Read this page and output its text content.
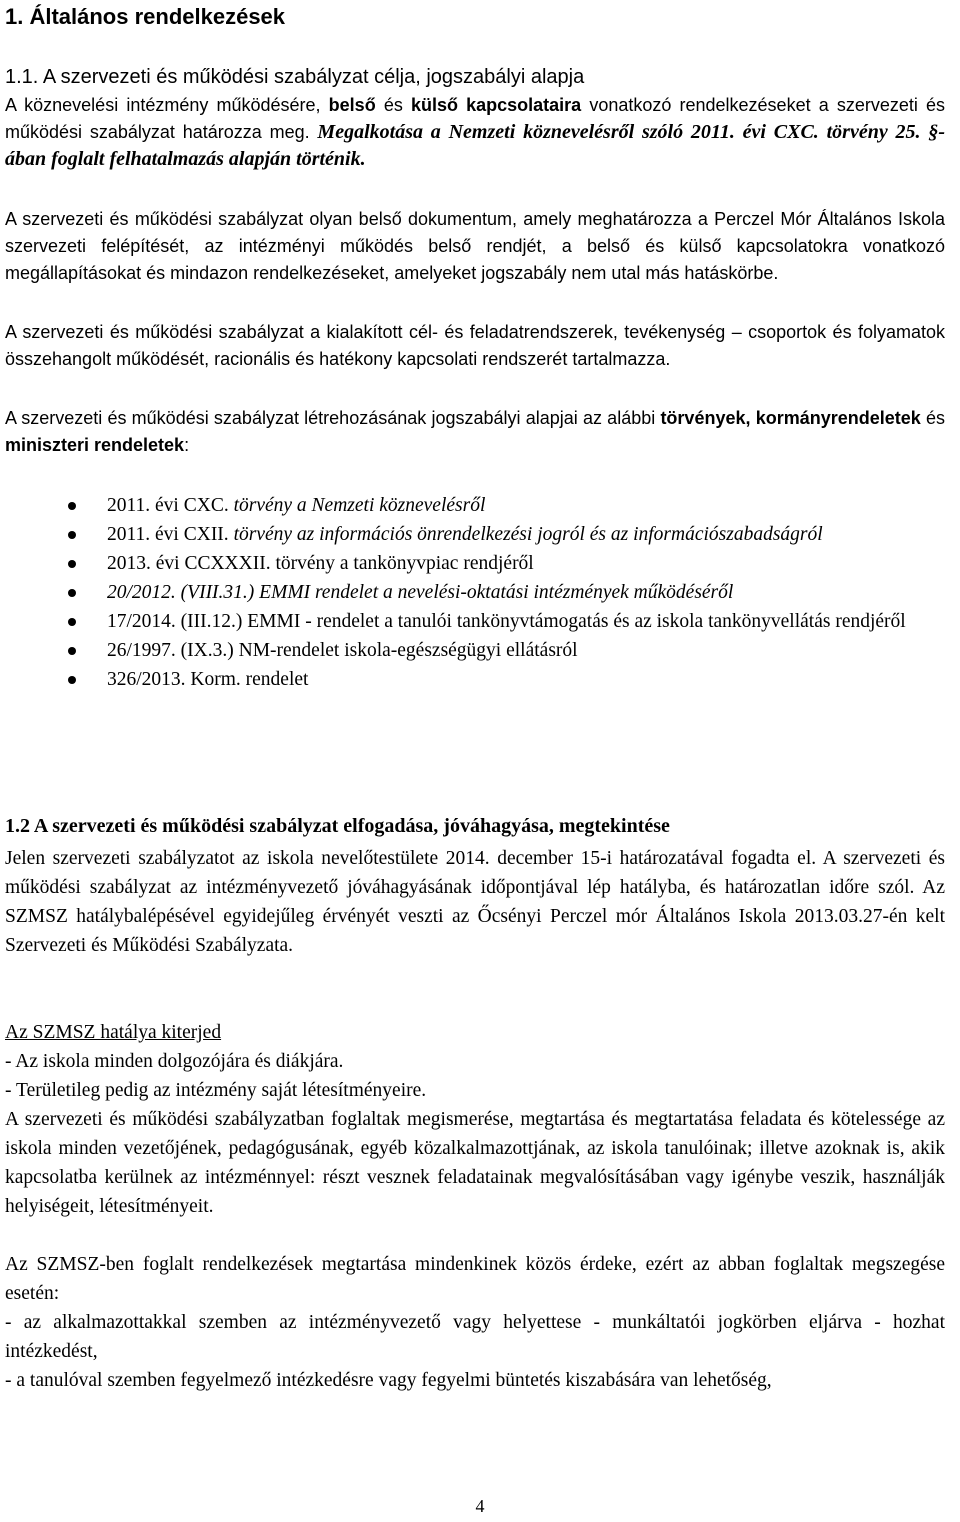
1. Általános rendelkezések
1.1. A szervezeti és működési szabályzat célja, jogszabályi alapja

A köznevelési intézmény működésére, belső és külső kapcsolataira vonatkozó rendelkezéseket a szervezeti és működési szabályzat határozza meg. Megalkotása a Nemzeti köznevelésről szóló 2011. évi CXC. törvény 25. §-ában foglalt felhatalmazás alapján történik.

A szervezeti és működési szabályzat olyan belső dokumentum, amely meghatározza a Perczel Mór Általános Iskola szervezeti felépítését, az intézményi működés belső rendjét, a belső és külső kapcsolatokra vonatkozó megállapításokat és mindazon rendelkezéseket, amelyeket jogszabály nem utal más hatáskörbe.

A szervezeti és működési szabályzat a kialakított cél- és feladatrendszerek, tevékenység – csoportok és folyamatok összehangolt működését, racionális és hatékony kapcsolati rendszerét tartalmazza.

A szervezeti és működési szabályzat létrehozásának jogszabályi alapjai az alábbi törvények, kormányrendeletek és miniszteri rendeletek:

2011. évi CXC. törvény a Nemzeti köznevelésről
2011. évi CXII. törvény az információs önrendelkezési jogról és az információszabadságról
2013. évi CCXXXII. törvény a tankönyvpiac rendjéről
20/2012. (VIII.31.) EMMI rendelet a nevelési-oktatási intézmények működéséről
17/2014. (III.12.) EMMI - rendelet a tanulói tankönyvtámogatás és az iskola tankönyvellátás rendjéről
26/1997. (IX.3.) NM-rendelet iskola-egészségügyi ellátásról
326/2013. Korm. rendelet
1.2 A szervezeti és működési szabályzat elfogadása, jóváhagyása, megtekintése

Jelen szervezeti szabályzatot az iskola nevelőtestülete 2014. december 15-i határozatával fogadta el. A szervezeti és működési szabályzat az intézményvezető jóváhagyásának időpontjával lép hatályba, és határozatlan időre szól. Az SZMSZ hatálybalépésével egyidejűleg érvényét veszti az Őcsényi Perczel mór Általános Iskola 2013.03.27-én kelt Szervezeti és Működési Szabályzata.

Az SZMSZ hatálya kiterjed

- Az iskola minden dolgozójára és diákjára.

- Területileg pedig az intézmény saját létesítményeire.

A szervezeti és működési szabályzatban foglaltak megismerése, megtartása és megtartatása feladata és kötelessége az iskola minden vezetőjének, pedagógusának, egyéb közalkalmazottjának, az iskola tanulóinak; illetve azoknak is, akik kapcsolatba kerülnek az intézménnyel: részt vesznek feladatainak megvalósításában vagy igénybe veszik, használják helyiségeit, létesítményeit.

Az SZMSZ-ben foglalt rendelkezések megtartása mindenkinek közös érdeke, ezért az abban foglaltak megszegése esetén:

- az alkalmazottakkal szemben az intézményvezető vagy helyettese - munkáltatói jogkörben eljárva - hozhat intézkedést,

- a tanulóval szemben fegyelmező intézkedésre vagy fegyelmi büntetés kiszabására van lehetőség,

4
